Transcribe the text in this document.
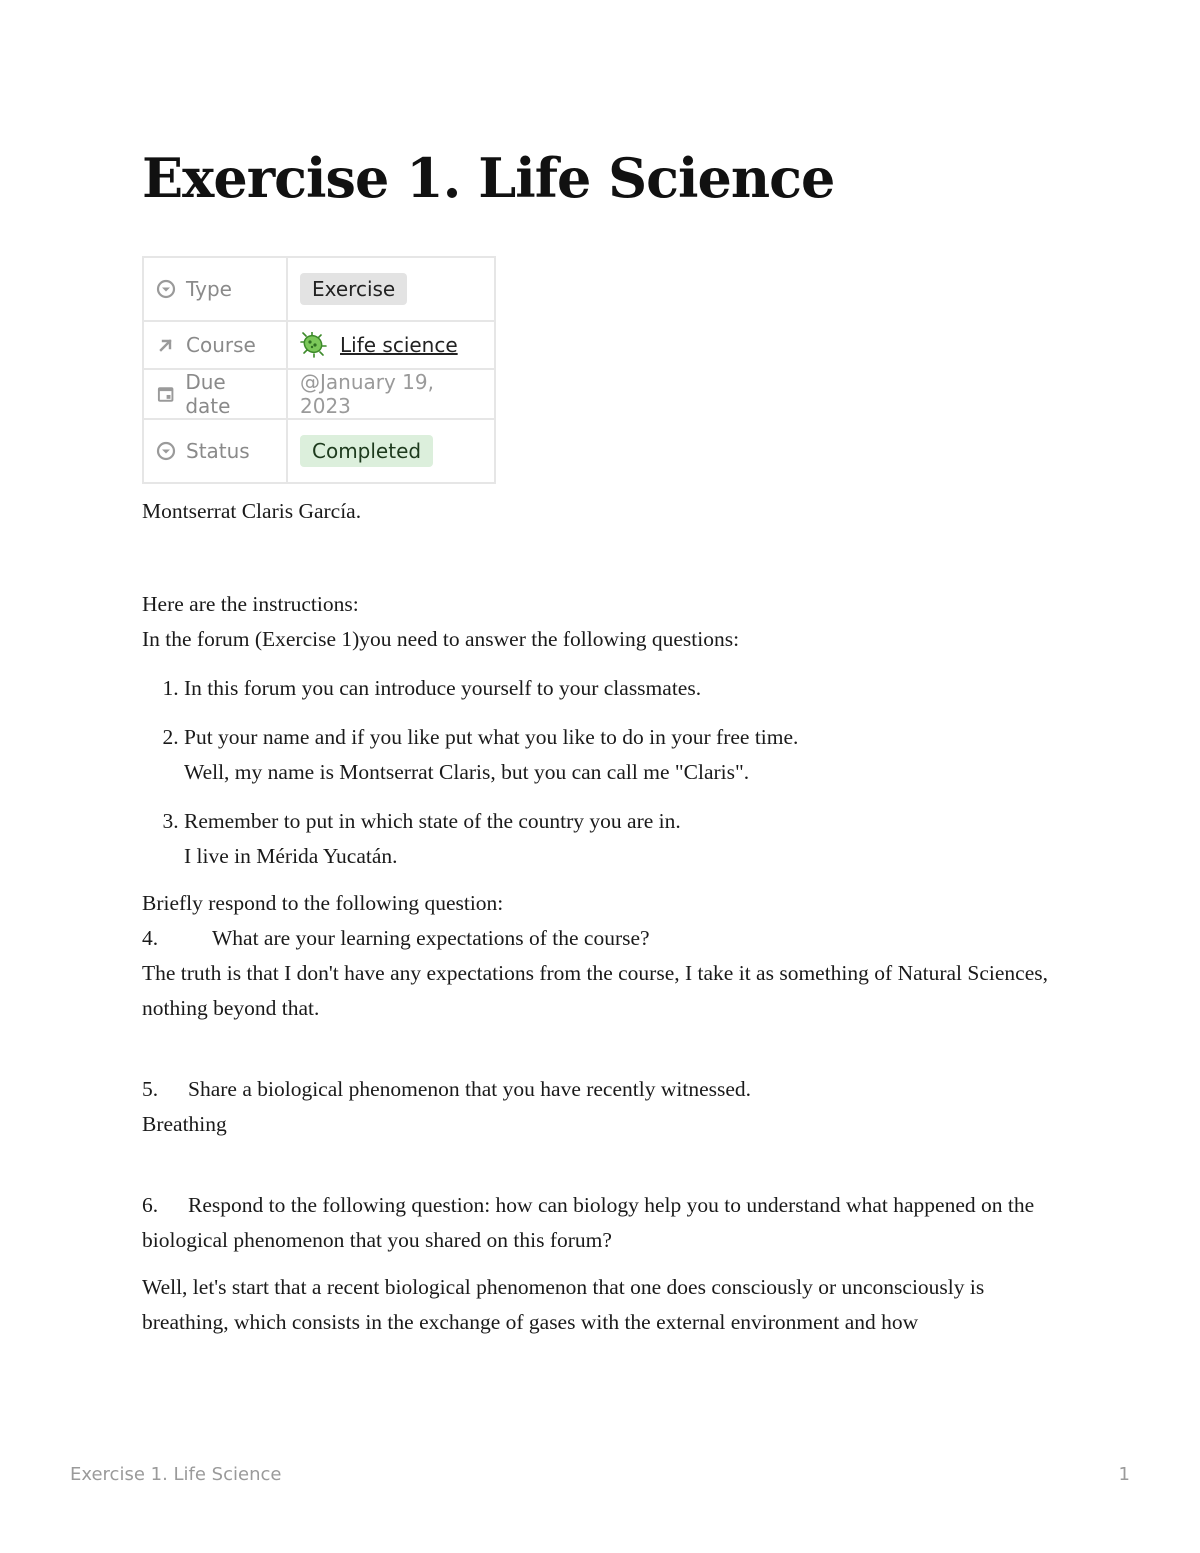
Exercise 1. Life Science
Type	Exercise

Course	Life science

Due date	@January 19, 2023

Status	Completed

Montserrat Claris García.

Here are the instructions:

In the forum (Exercise 1)you need to answer the following questions:

1. In this forum you can introduce yourself to your classmates.
2. Put your name and if you like put what you like to do in your free time.
Well, my name is Montserrat Claris, but you can call me "Claris".
3. Remember to put in which state of the country you are in.
I live in Mérida Yucatán.

Briefly respond to the following question:

4.	What are your learning expectations of the course?

The truth is that I don't have any expectations from the course, I take it as something of Natural Sciences, nothing beyond that.

5. Share a biological phenomenon that you have recently witnessed.

Breathing

6. Respond to the following question: how can biology help you to understand what happened on the biological phenomenon that you shared on this forum?

Well, let's start that a recent biological phenomenon that one does consciously or unconsciously is breathing, which consists in the exchange of gases with the external environment and how

Exercise 1. Life Science	1
